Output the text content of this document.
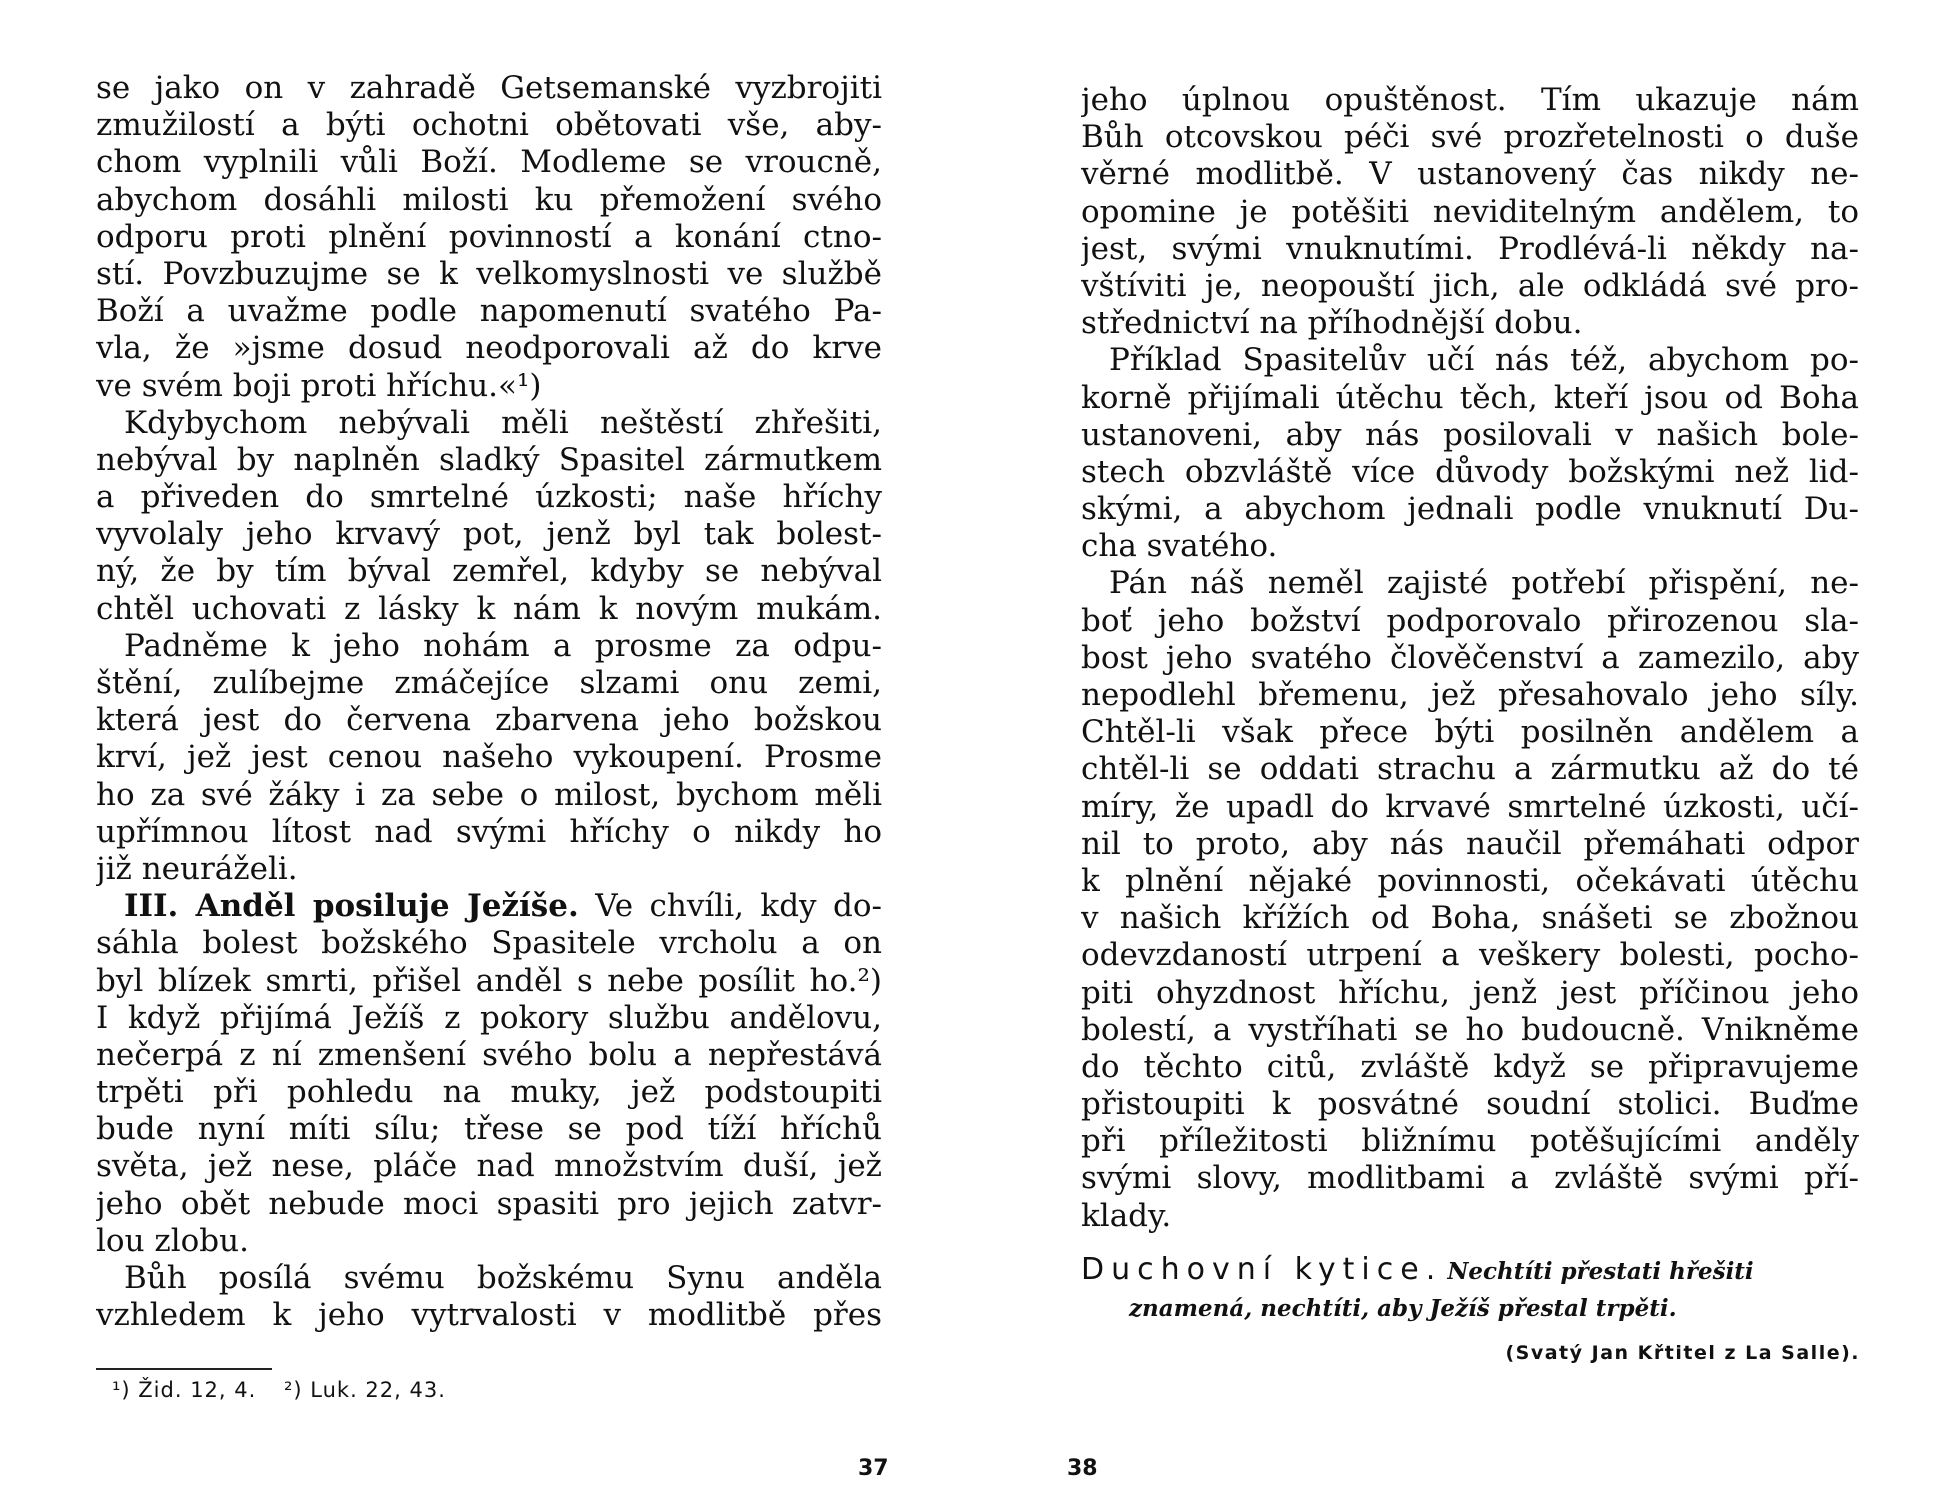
se jako on v zahradě Getsemanské vyzbrojiti
zmužilostí a býti ochotni obětovati vše, aby-
chom vyplnili vůli Boží. Modleme se vroucně,
abychom dosáhli milosti ku přemožení svého
odporu proti plnění povinností a konání ctno-
stí. Povzbuzujme se k velkomyslnosti ve službě
Boží a uvažme podle napomenutí svatého Pa-
vla, že »jsme dosud neodporovali až do krve
ve svém boji proti hříchu.«¹)
Kdybychom nebývali měli neštěstí zhřešiti,
nebýval by naplněn sladký Spasitel zármutkem
a přiveden do smrtelné úzkosti; naše hříchy
vyvolaly jeho krvavý pot, jenž byl tak bolest-
ný, že by tím býval zemřel, kdyby se nebýval
chtěl uchovati z lásky k nám k novým mukám.
Padněme k jeho nohám a prosme za odpu-
štění, zulíbejme zmáčejíce slzami onu zemi,
která jest do červena zbarvena jeho božskou
krví, jež jest cenou našeho vykoupení. Prosme
ho za své žáky i za sebe o milost, bychom měli
upřímnou lítost nad svými hříchy o nikdy ho
již neuráželi.
III. Anděl posiluje Ježíše. Ve chvíli, kdy do-
sáhla bolest božského Spasitele vrcholu a on
byl blízek smrti, přišel anděl s nebe posílit ho.²)
I když přijímá Ježíš z pokory službu andělovu,
nečerpá z ní zmenšení svého bolu a nepřestává
trpěti při pohledu na muky, jež podstoupiti
bude nyní míti sílu; třese se pod tíží hříchů
světa, jež nese, pláče nad množstvím duší, jež
jeho obět nebude moci spasiti pro jejich zatvr-
lou zlobu.
Bůh posílá svému božskému Synu anděla
vzhledem k jeho vytrvalosti v modlitbě přes
¹) Žid. 12, 4. ²) Luk. 22, 43.
37
jeho úplnou opuštěnost. Tím ukazuje nám
Bůh otcovskou péči své prozřetelnosti o duše
věrné modlitbě. V ustanovený čas nikdy ne-
opomine je potěšiti neviditelným andělem, to
jest, svými vnuknutími. Prodlévá-li někdy na-
vštíviti je, neopouští jich, ale odkládá své pro-
střednictví na příhodnější dobu.
Příklad Spasitelův učí nás též, abychom po-
korně přijímali útěchu těch, kteří jsou od Boha
ustanoveni, aby nás posilovali v našich bole-
stech obzvláště více důvody božskými než lid-
skými, a abychom jednali podle vnuknutí Du-
cha svatého.
Pán náš neměl zajisté potřebí přispění, ne-
boť jeho božství podporovalo přirozenou sla-
bost jeho svatého člověčenství a zamezilo, aby
nepodlehl břemenu, jež přesahovalo jeho síly.
Chtěl-li však přece býti posilněn andělem a
chtěl-li se oddati strachu a zármutku až do té
míry, že upadl do krvavé smrtelné úzkosti, učí-
nil to proto, aby nás naučil přemáhati odpor
k plnění nějaké povinnosti, očekávati útěchu
v našich křížích od Boha, snášeti se zbožnou
odevzdaností utrpení a veškery bolesti, pocho-
piti ohyzdnost hříchu, jenž jest příčinou jeho
bolestí, a vystříhati se ho budoucně. Vnikněme
do těchto citů, zvláště když se připravujeme
přistoupiti k posvátné soudní stolici. Buďme
při příležitosti bližnímu potěšujícími anděly
svými slovy, modlitbami a zvláště svými pří-
klady.
Duchovní kytice. Nechtíti přestati hřešiti
znamená, nechtíti, aby Ježíš přestal trpěti.
(Svatý Jan Křtitel z La Salle).
38
